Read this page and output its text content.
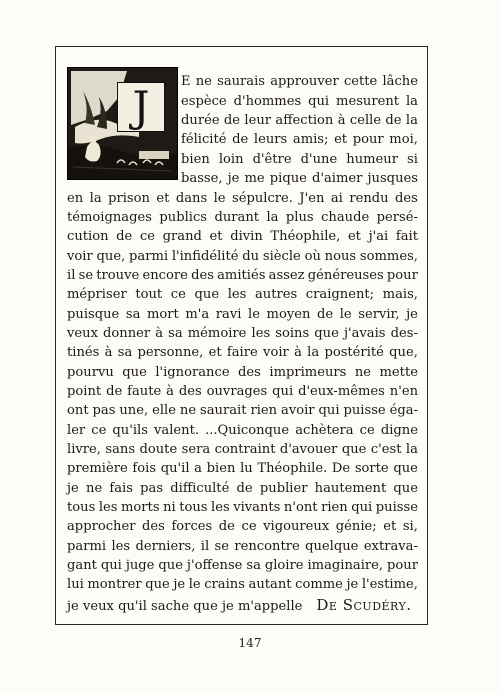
J
E ne saurais approuver cette lâche
espèce d'hommes qui mesurent la
durée de leur affection à celle de la
félicité de leurs amis; et pour moi,
bien loin d'être d'une humeur si
basse, je me pique d'aimer jusques
en la prison et dans le sépulcre. J'en ai rendu des
témoignages publics durant la plus chaude persé-
cution de ce grand et divin Théophile, et j'ai fait
voir que, parmi l'infidélité du siècle où nous sommes,
il se trouve encore des amitiés assez généreuses pour
mépriser tout ce que les autres craignent; mais,
puisque sa mort m'a ravi le moyen de le servir, je
veux donner à sa mémoire les soins que j'avais des-
tinés à sa personne, et faire voir à la postérité que,
pourvu que l'ignorance des imprimeurs ne mette
point de faute à des ouvrages qui d'eux-mêmes n'en
ont pas une, elle ne saurait rien avoir qui puisse éga-
ler ce qu'ils valent. ...Quiconque achètera ce digne
livre, sans doute sera contraint d'avouer que c'est la
première fois qu'il a bien lu Théophile. De sorte que
je ne fais pas difficulté de publier hautement que
tous les morts ni tous les vivants n'ont rien qui puisse
approcher des forces de ce vigoureux génie; et si,
parmi les derniers, il se rencontre quelque extrava-
gant qui juge que j'offense sa gloire imaginaire, pour
lui montrer que je le crains autant comme je l'estime,
je veux qu'il sache que je m'appelle De Scudéry.
147
